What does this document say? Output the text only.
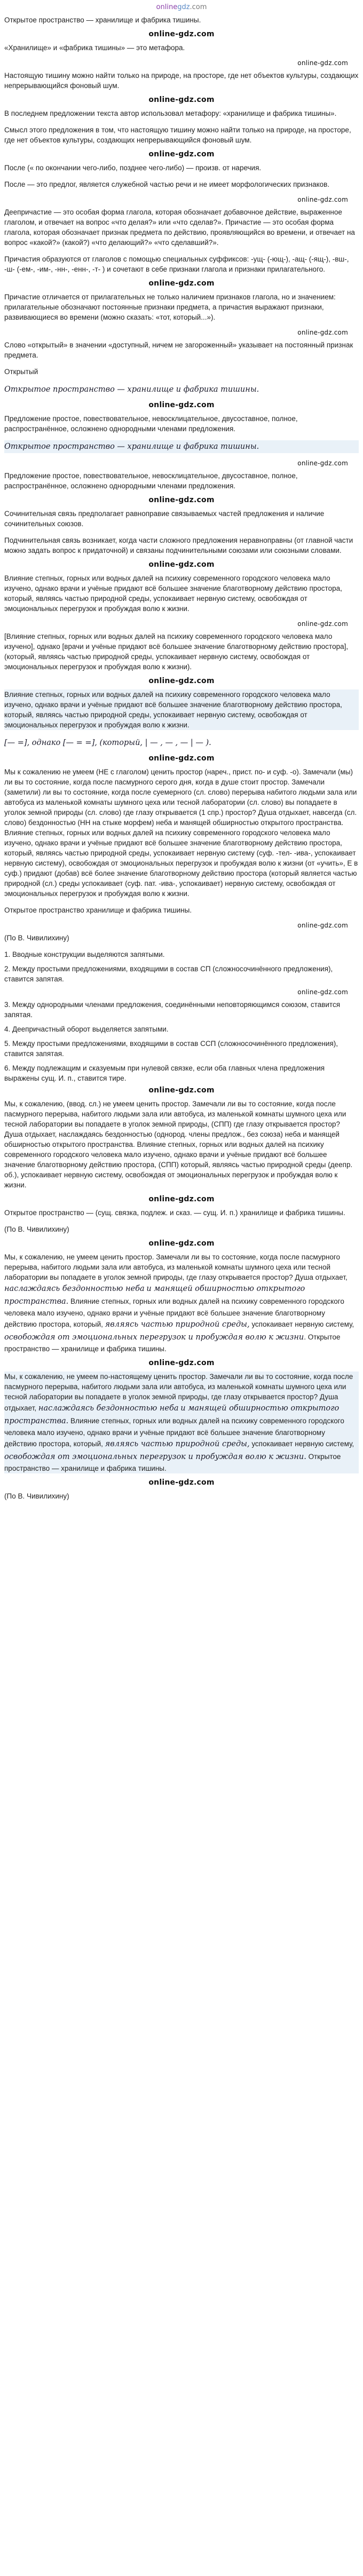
online gdz .com

Открытое пространство — хранилище и фабрика тишины.

online-gdz.com

«Хранилище» и «фабрика тишины» — это метафора.

online-gdz.com

Настоящую тишину можно найти только на природе, на просторе, где нет объектов культуры, создающих непрерывающийся фоновый шум.

online-gdz.com

В последнем предложении текста автор использовал метафору: «хранилище и фабрика тишины».

Смысл этого предложения в том, что настоящую тишину можно найти только на природе, на просторе, где нет объектов культуры, создающих непрерывающийся фоновый шум.

online-gdz.com

После (« по окончании чего-либо, позднее чего-либо) — произв. от наречия.

После — это предлог, является служебной частью речи и не имеет морфологических признаков.

online-gdz.com

Деепричастие — это особая форма глагола, которая обозначает добавочное действие, выраженное глаголом, и отвечает на вопрос «что делая?» или «что сделав?». Причастие — это особая форма глагола, которая обозначает признак предмета по действию, проявляющийся во времени, и отвечает на вопрос «какой?» (какой?) «что делающий?» «что сделавший?».

Причастия образуются от глаголов с помощью специальных суффиксов: -ущ- (-ющ-), -ащ- (-ящ-), -вш-, -ш- (-ем-, -им-, -нн-, -енн-, -т- ) и сочетают в себе признаки глагола и признаки прилагательного.

online-gdz.com

Причастие отличается от прилагательных не только наличием признаков глагола, но и значением: прилагательные обозначают постоянные признаки предмета, а причастия выражают признаки, развивающиеся во времени (можно сказать: «тот, который...»).

online-gdz.com

Слово «открытый» в значении «доступный, ничем не загороженный» указывает на постоянный признак предмета.

Открытый

Открытое пространство — хранилище и фабрика тишины.

online-gdz.com

Предложение простое, повествовательное, невосклицательное, двусоставное, полное, распространённое, осложнено однородными членами предложения.

Открытое пространство — хранилище и фабрика тишины.

online-gdz.com

Предложение простое, повествовательное, невосклицательное, двусоставное, полное, распространённое, осложнено однородными членами предложения.

online-gdz.com

Сочинительная связь предполагает равноправие связываемых частей предложения и наличие сочинительных союзов.

Подчинительная связь возникает, когда части сложного предложения неравноправны (от главной части можно задать вопрос к придаточной) и связаны подчинительными союзами или союзными словами.

online-gdz.com

Влияние степных, горных или водных далей на психику современного городского человека мало изучено, однако врачи и учёные придают всё большее значение благотворному действию простора, который, являясь частью природной среды, успокаивает нервную систему, освобождая от эмоциональных перегрузок и пробуждая волю к жизни.

online-gdz.com

[Влияние степных, горных или водных далей на психику современного городского человека мало изучено], однако [врачи и учёные придают всё большее значение благотворному действию простора], (который, являясь частью природной среды, успокаивает нервную систему, освобождая от эмоциональных перегрузок и пробуждая волю к жизни).

online-gdz.com

Влияние степных, горных или водных далей на психику современного городского человека мало изучено, однако врачи и учёные придают всё большее значение благотворному действию простора, который, являясь частью природной среды, успокаивает нервную систему, освобождая от эмоциональных перегрузок и пробуждая волю к жизни.

[— =], однако [— = =], (который, | — , — , — | — ).

online-gdz.com

Мы к сожалению не умеем (НЕ с глаголом) ценить простор (нареч., прист. по- и суф. -о). Замечали (мы) ли вы то состояние, когда после пасмурного серого дня, когда в душе стоит простор. Замечали (заметили) ли вы то состояние, когда после суемерного (сл. слово) перерыва набитого людьми зала или автобуса из маленькой комнаты шумного цеха или тесной лаборатории (сл. слово) вы попадаете в уголок земной природы (сл. слово) где глазу открывается (1 спр.) простор? Душа отдыхает, навсегда (сл. слово) бездонностью (НН на стыке морфем) неба и манящей обширностью открытого пространства. Влияние степных, горных или водных далей на психику современного городского человека мало изучено, однако врачи и учёные придают всё большее значение благотворному действию простора, который, являясь частью природной среды, успокаивает нервную систему (суф. -тел- -ива-, успокаивает нервную систему), освобождая от эмоциональных перегрузок и пробуждая волю к жизни (от «учить», Е в суф.) придают (добав) всё более значение благотворному действию простора (который является частью природной (сл.) среды успокаивает (суф. пат. -ива-, успокаивает) нервную систему, освобождая от эмоциональных перегрузок и пробуждая волю к жизни.

Открытое пространство хранилище и фабрика тишины.

online-gdz.com

(По В. Чивилихину)

1. Вводные конструкции выделяются запятыми.

2. Между простыми предложениями, входящими в состав СП (сложносочинённого предложения), ставится запятая.

online-gdz.com

3. Между однородными членами предложения, соединёнными неповторяющимся союзом, ставится запятая.

4. Деепричастный оборот выделяется запятыми.

5. Между простыми предложениями, входящими в состав ССП (сложносочинённого предложения), ставится запятая.

6. Между подлежащим и сказуемым при нулевой связке, если оба главных члена предложения выражены сущ. И. п., ставится тире.

online-gdz.com

Мы, к сожалению, (ввод. сл.) не умеем ценить простор. Замечали ли вы то состояние, когда после пасмурного перерыва, набитого людьми зала или автобуса, из маленькой комнаты шумного цеха или тесной лаборатории вы попадаете в уголок земной природы, (СПП) где глазу открывается простор? Душа отдыхает, наслаждаясь бездонностью (однород. члены предлож., без союза) неба и манящей обширностью открытого пространства. Влияние степных, горных или водных далей на психику современного городского человека мало изучено, однако врачи и учёные придают всё большее значение благотворному действию простора, (СПП) который, являясь частью природной среды (деепр. об.), успокаивает нервную систему, освобождая от эмоциональных перегрузок и пробуждая волю к жизни.

online-gdz.com

Открытое пространство — (сущ. связка, подлеж. и сказ. — сущ. И. п.) хранилище и фабрика тишины.

(По В. Чивилихину)

online-gdz.com

Мы, к сожалению, не умеем ценить простор. Замечали ли вы то состояние, когда после пасмурного перерыва, набитого людьми зала или автобуса, из маленькой комнаты шумного цеха или тесной лаборатории вы попадаете в уголок земной природы, где глазу открывается простор? Душа отдыхает, наслаждаясь бездонностью неба и манящей обширностью открытого пространства. Влияние степных, горных или водных далей на психику современного городского человека мало изучено, однако врачи и учёные придают всё большее значение благотворному действию простора, который, являясь частью природной среды, успокаивает нервную систему, освобождая от эмоциональных перегрузок и пробуждая волю к жизни. Открытое пространство — хранилище и фабрика тишины.

online-gdz.com

Мы, к сожалению, не умеем по-настоящему ценить простор. Замечали ли вы то состояние, когда после пасмурного перерыва, набитого людьми зала или автобуса, из маленькой комнаты шумного цеха или тесной лаборатории вы попадаете в уголок земной природы, где глазу открывается простор? Душа отдыхает, наслаждаясь бездонностью неба и манящей обширностью открытого пространства. Влияние степных, горных или водных далей на психику современного городского человека мало изучено, однако врачи и учёные придают всё большее значение благотворному действию простора, который, являясь частью природной среды, успокаивает нервную систему, освобождая от эмоциональных перегрузок и пробуждая волю к жизни. Открытое пространство — хранилище и фабрика тишины.

online-gdz.com

(По В. Чивилихину)
